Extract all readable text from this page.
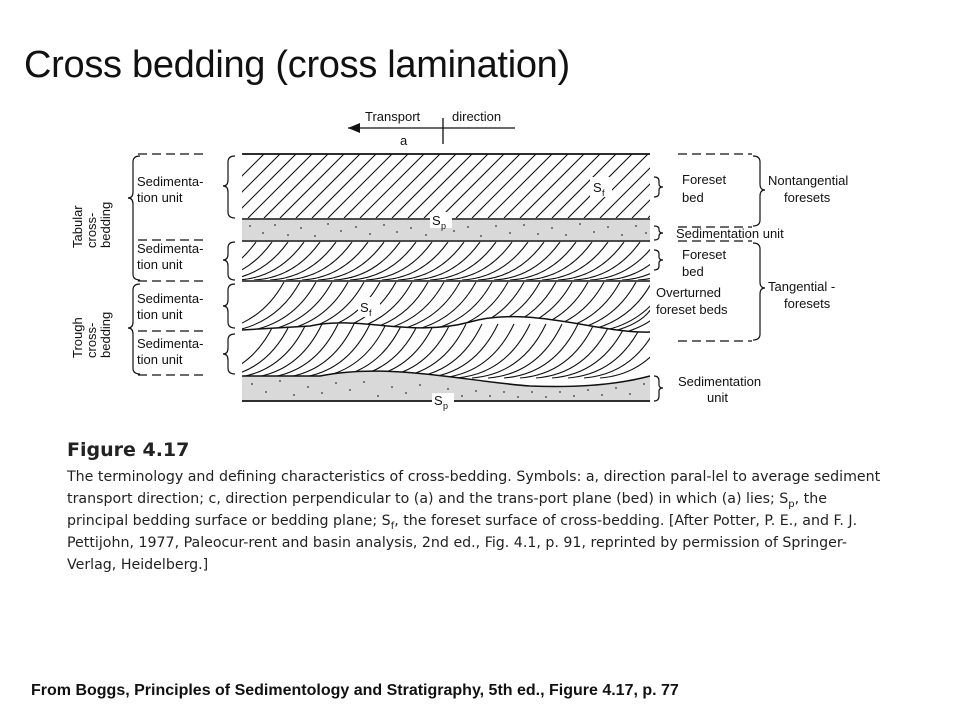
Cross bedding (cross lamination)
Transport direction
a
S f
S p
S f
S p
Tabular cross- bedding
Trough cross- bedding
Sedimenta-
tion unit
Sedimenta-
tion unit
Sedimenta-
tion unit
Sedimenta-
tion unit
Foreset
bed
Sedimentation unit
Foreset
bed
Overturned
foreset beds
Sedimentation
unit
Nontangential
foresets
Tangential -
foresets
Figure 4.17

The terminology and defining characteristics of cross-bedding. Symbols: a, direction paral-lel to average sediment transport direction; c, direction perpendicular to (a) and the trans-port plane (bed) in which (a) lies; $S_p$, the principal bedding surface or bedding plane; $S_f$, the foreset surface of cross-bedding. [After Potter, P. E., and F. J. Pettijohn, 1977, Paleocur-rent and basin analysis, 2nd ed., Fig. 4.1, p. 91, reprinted by permission of Springer-Verlag, Heidelberg.]

From Boggs, Principles of Sedimentology and Stratigraphy, 5th ed., Figure 4.17, p. 77
